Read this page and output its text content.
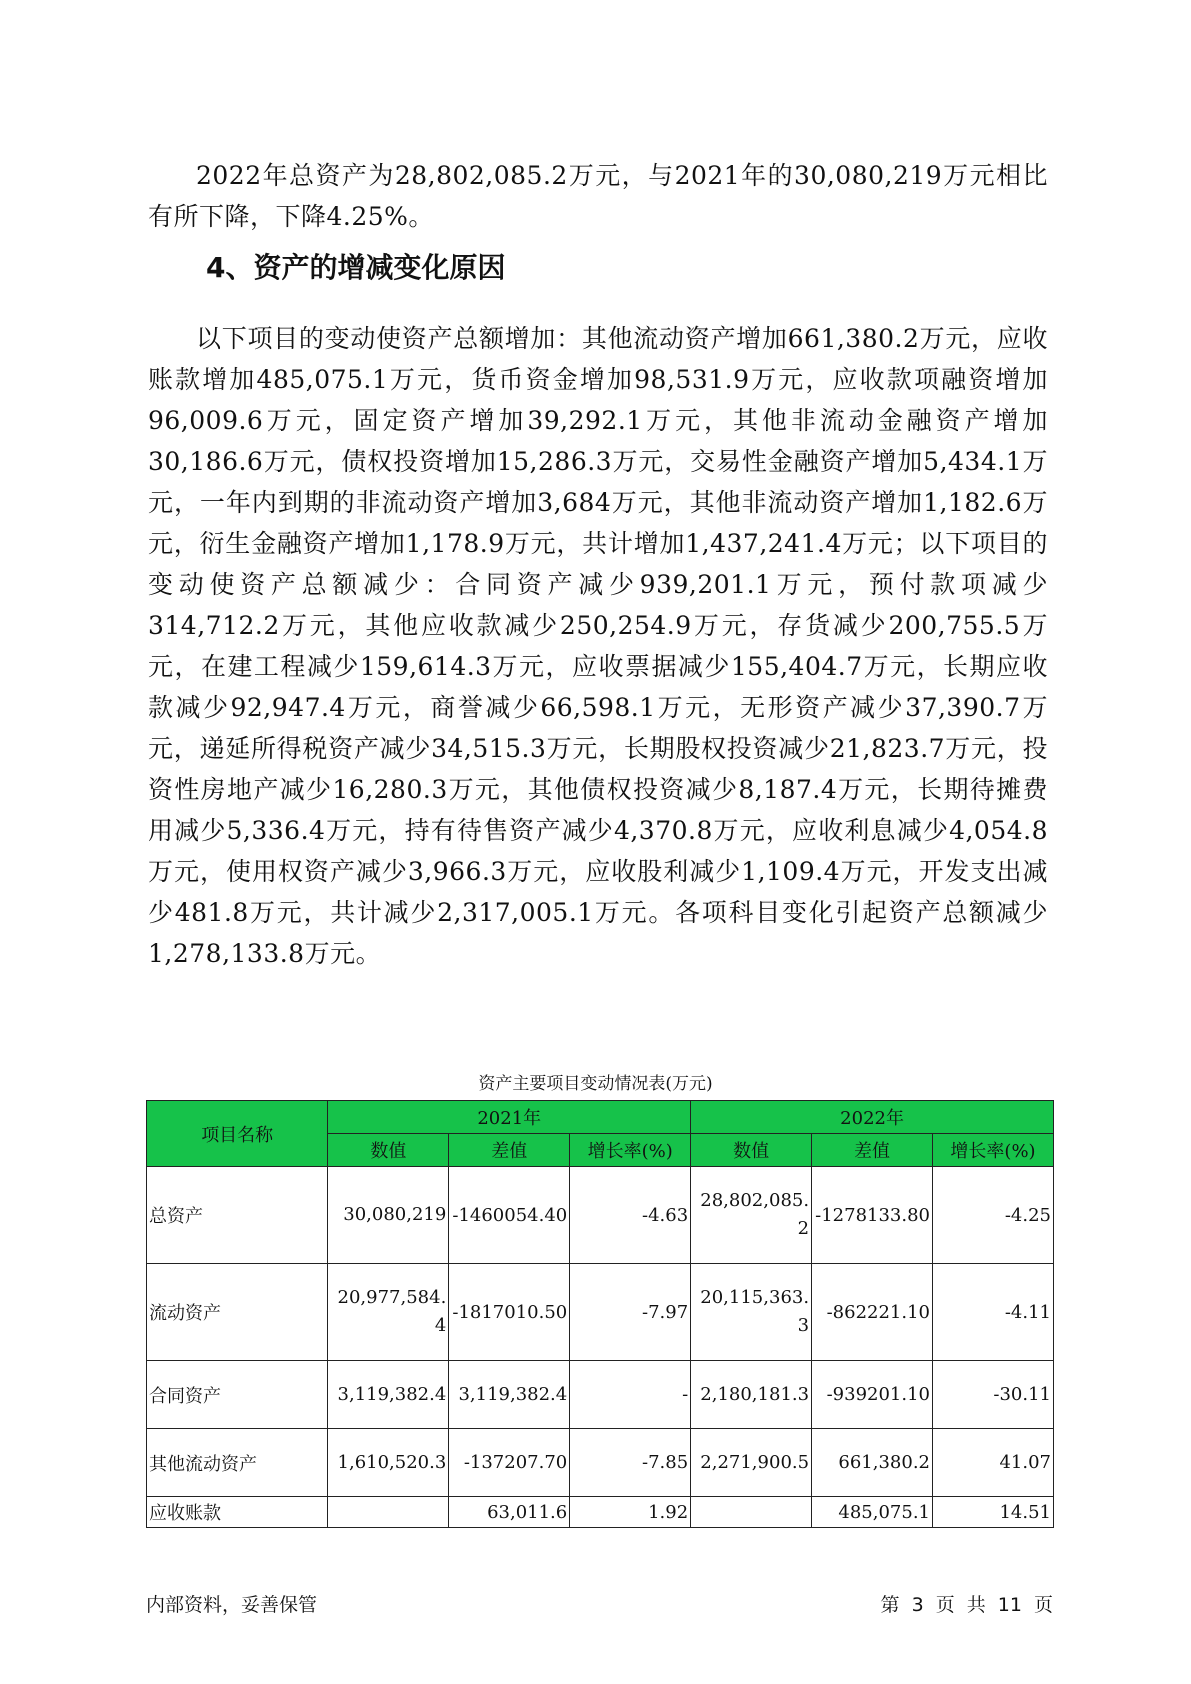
2022年总资产为28,802,085.2万元，与2021年的30,080,219万元相比有所下降，下降4.25%。

4、资产的增减变化原因

以下项目的变动使资产总额增加：其他流动资产增加661,380.2万元，应收账款增加485,075.1万元，货币资金增加98,531.9万元，应收款项融资增加96,009.6万元，固定资产增加39,292.1万元，其他非流动金融资产增加30,186.6万元，债权投资增加15,286.3万元，交易性金融资产增加5,434.1万元，一年内到期的非流动资产增加3,684万元，其他非流动资产增加1,182.6万元，衍生金融资产增加1,178.9万元，共计增加1,437,241.4万元；以下项目的变动使资产总额减少：合同资产减少939,201.1万元，预付款项减少314,712.2万元，其他应收款减少250,254.9万元，存货减少200,755.5万元，在建工程减少159,614.3万元，应收票据减少155,404.7万元，长期应收款减少92,947.4万元，商誉减少66,598.1万元，无形资产减少37,390.7万元，递延所得税资产减少34,515.3万元，长期股权投资减少21,823.7万元，投资性房地产减少16,280.3万元，其他债权投资减少8,187.4万元，长期待摊费用减少5,336.4万元，持有待售资产减少4,370.8万元，应收利息减少4,054.8万元，使用权资产减少3,966.3万元，应收股利减少1,109.4万元，开发支出减少481.8万元，共计减少2,317,005.1万元。各项科目变化引起资产总额减少1,278,133.8万元。

资产主要项目变动情况表(万元)
项目名称	2021年			2022年		
	数值	差值	增长率(%)	数值	差值	增长率(%)
总资产	30,080,219	-1460054.40	-4.63	28,802,085.2	-1278133.80	-4.25
流动资产	20,977,584.4	-1817010.50	-7.97	20,115,363.3	-862221.10	-4.11
合同资产	3,119,382.4	3,119,382.4	-	2,180,181.3	-939201.10	-30.11
其他流动资产	1,610,520.3	-137207.70	-7.85	2,271,900.5	661,380.2	41.07
应收账款		63,011.6	1.92		485,075.1	14.51
内部资料，妥善保管	第 3 页 共 11 页
